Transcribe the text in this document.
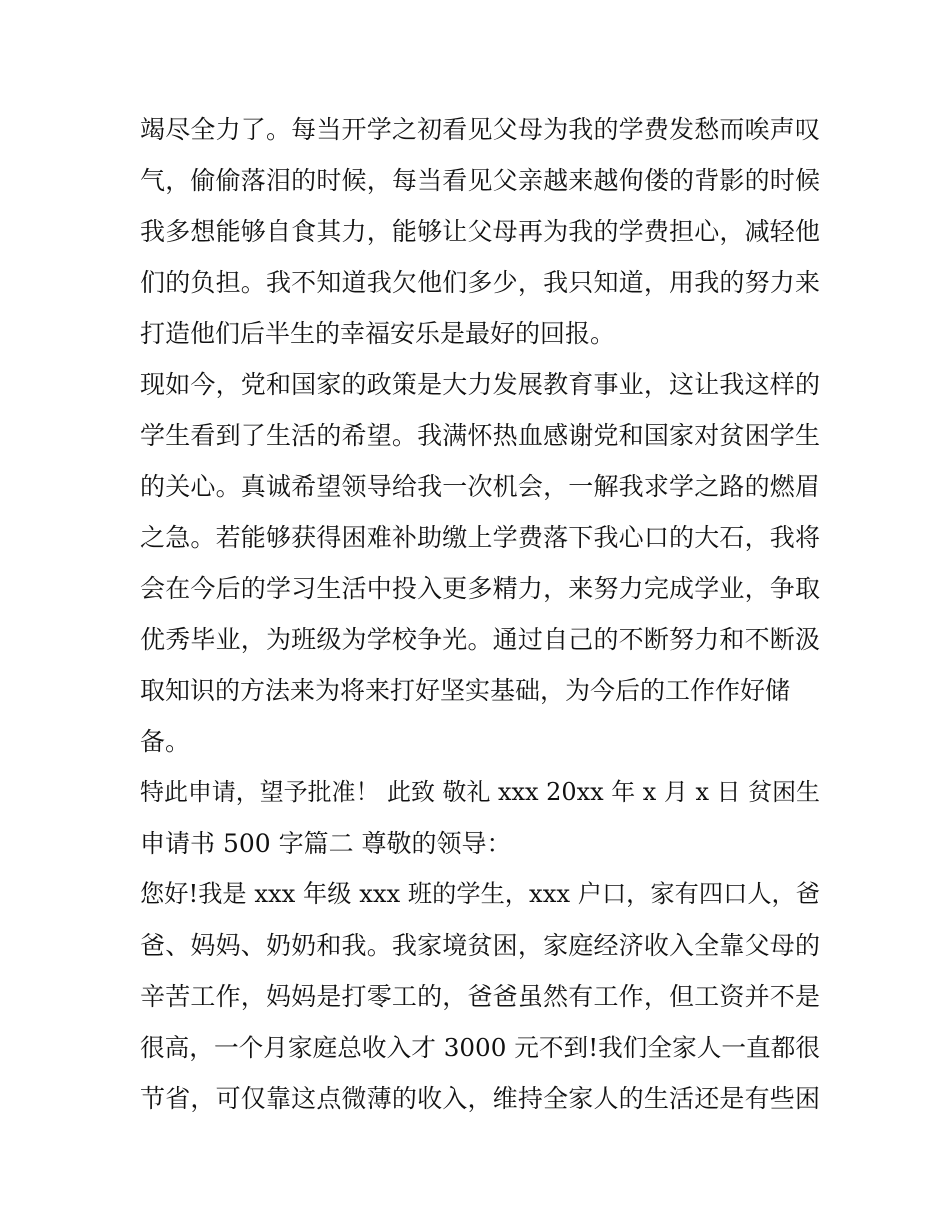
竭尽全力了。每当开学之初看见父母为我的学费发愁而唉声叹
气，偷偷落泪的时候，每当看见父亲越来越佝偻的背影的时候
我多想能够自食其力，能够让父母再为我的学费担心，减轻他
们的负担。我不知道我欠他们多少，我只知道，用我的努力来
打造他们后半生的幸福安乐是最好的回报。
现如今，党和国家的政策是大力发展教育事业，这让我这样的
学生看到了生活的希望。我满怀热血感谢党和国家对贫困学生
的关心。真诚希望领导给我一次机会，一解我求学之路的燃眉
之急。若能够获得困难补助缴上学费落下我心口的大石，我将
会在今后的学习生活中投入更多精力，来努力完成学业，争取
优秀毕业，为班级为学校争光。通过自己的不断努力和不断汲
取知识的方法来为将来打好坚实基础，为今后的工作作好储
备。
特此申请，望予批准！ 此致 敬礼 xxx 20xx 年 x 月 x 日 贫困生
申请书 500 字篇二 尊敬的领导：
您好!我是 xxx 年级 xxx 班的学生，xxx 户口，家有四口人，爸
爸、妈妈、奶奶和我。我家境贫困，家庭经济收入全靠父母的
辛苦工作，妈妈是打零工的，爸爸虽然有工作，但工资并不是
很高，一个月家庭总收入才 3000 元不到!我们全家人一直都很
节省，可仅靠这点微薄的收入，维持全家人的生活还是有些困
